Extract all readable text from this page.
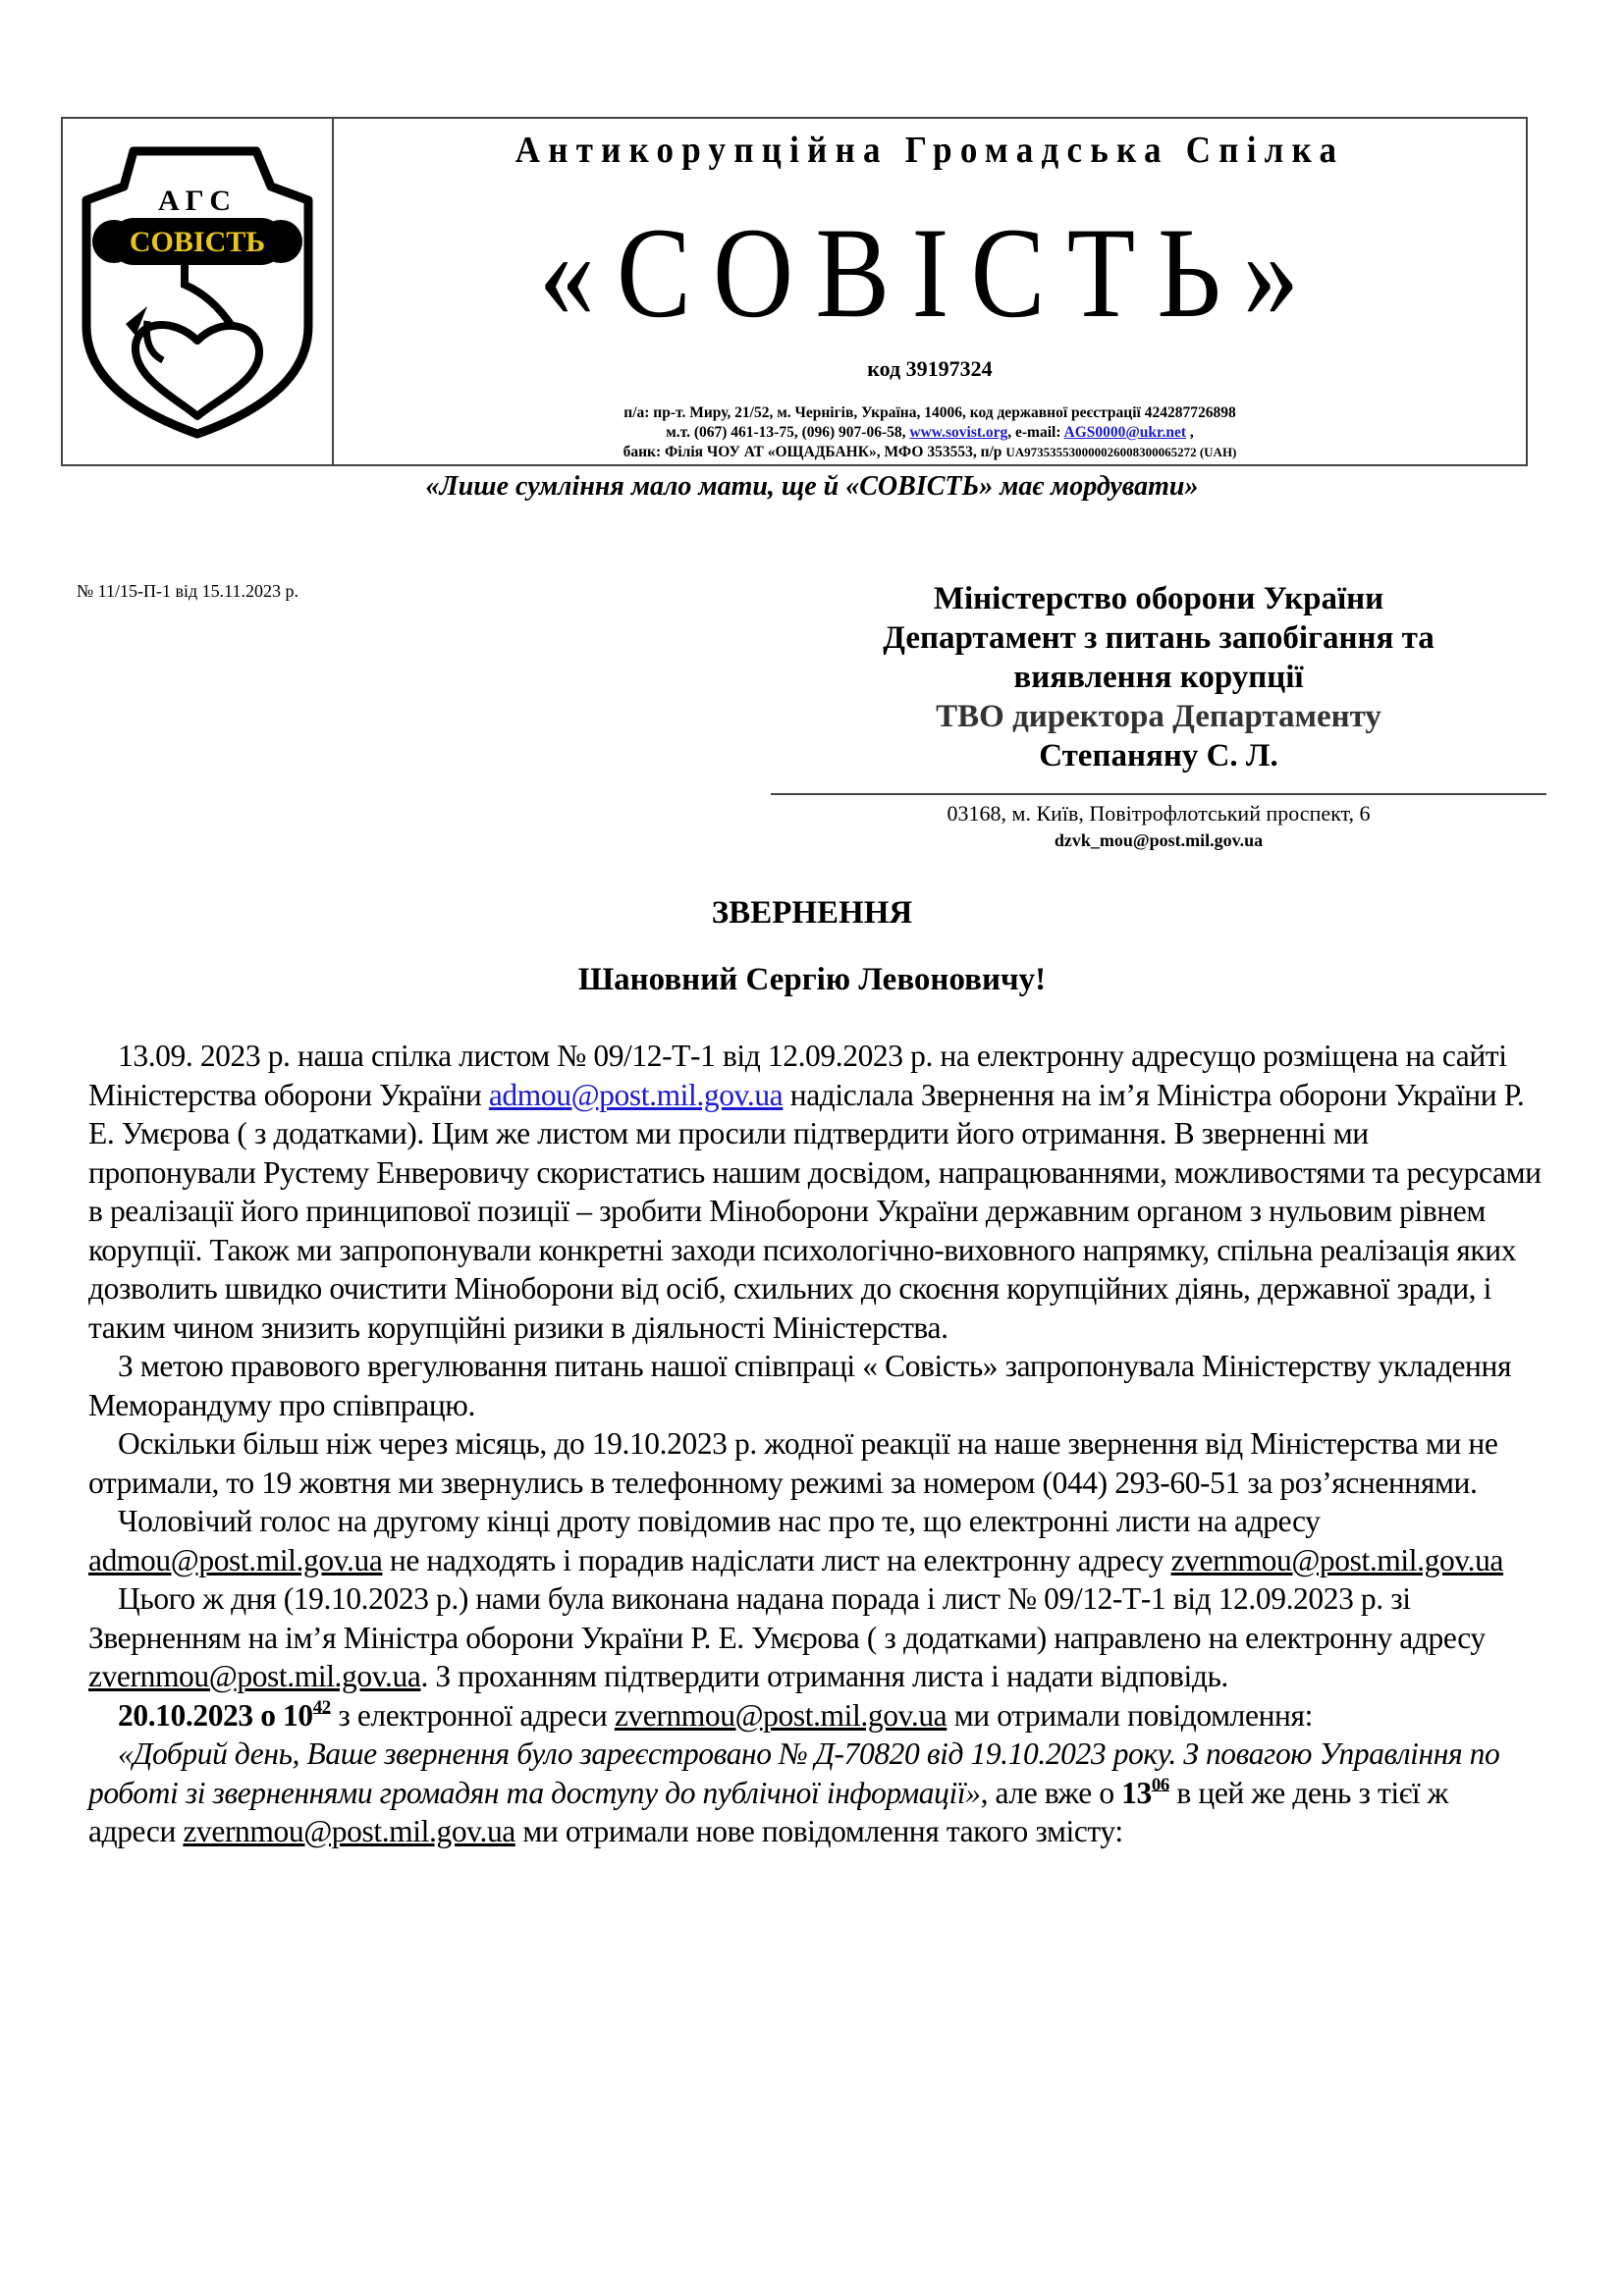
АГС
СОВІСТЬ
Антикорупційна Громадська Спілка
«СОВІСТЬ»
код 39197324
п/а: пр-т. Миру, 21/52, м. Чернігів, Україна, 14006, код державної реєстрації 424287726898
м.т. (067) 461-13-75, (096) 907-06-58, www.sovist.org, e-mail: AGS0000@ukr.net ,
банк: Філія ЧОУ АТ «ОЩАДБАНК», МФО 353553, п/р UA973535530000026008300065272 (UAH)
«Лише сумління мало мати, ще й «СОВІСТЬ» має мордувати»
№ 11/15-П-1 від 15.11.2023 р.	Міністерство оборони України
Департамент з питань запобігання та
виявлення корупції
ТВО директора Департаменту
Степаняну С. Л.
03168, м. Київ, Повітрофлотський проспект, 6
dzvk_mou@post.mil.gov.ua
ЗВЕРНЕННЯ
Шановний Сергію Левоновичу!

13.09. 2023 р. наша спілка листом № 09/12-Т-1 від 12.09.2023 р. на електронну адресущо розміщена на сайті Міністерства оборони України admou@post.mil.gov.ua надіслала Звернення на ім’я Міністра оборони України Р. Е. Умєрова ( з додатками). Цим же листом ми просили підтвердити його отримання. В зверненні ми пропонували Рустему Енверовичу скористатись нашим досвідом, напрацюваннями, можливостями та ресурсами в реалізації його принципової позиції – зробити Міноборони України державним органом з нульовим рівнем корупції. Також ми запропонували конкретні заходи психологічно-виховного напрямку, спільна реалізація яких дозволить швидко очистити Міноборони від осіб, схильних до скоєння корупційних діянь, державної зради, і таким чином знизить корупційні ризики в діяльності Міністерства.

З метою правового врегулювання питань нашої співпраці « Совість» запропонувала Міністерству укладення Меморандуму про співпрацю.

Оскільки більш ніж через місяць, до 19.10.2023 р. жодної реакції на наше звернення від Міністерства ми не отримали, то 19 жовтня ми звернулись в телефонному режимі за номером (044) 293-60-51 за роз’ясненнями.

Чоловічий голос на другому кінці дроту повідомив нас про те, що електронні листи на адресу admou@post.mil.gov.ua не надходять і порадив надіслати лист на електронну адресу zvernmou@post.mil.gov.ua

Цього ж дня (19.10.2023 р.) нами була виконана надана порада і лист № 09/12-Т-1 від 12.09.2023 р. зі Зверненням на ім’я Міністра оборони України Р. Е. Умєрова ( з додатками) направлено на електронну адресу zvernmou@post.mil.gov.ua. З проханням підтвердити отримання листа і надати відповідь.

20.10.2023 о $10^{42}$ з електронної адреси zvernmou@post.mil.gov.ua ми отримали повідомлення:

«Добрий день, Ваше звернення було зареєстровано № Д-70820 від 19.10.2023 року. З повагою Управління по роботі зі зверненнями громадян та доступу до публічної інформації», але вже о $13^{06}$ в цей же день з тієї ж адреси zvernmou@post.mil.gov.ua ми отримали нове повідомлення такого змісту:
